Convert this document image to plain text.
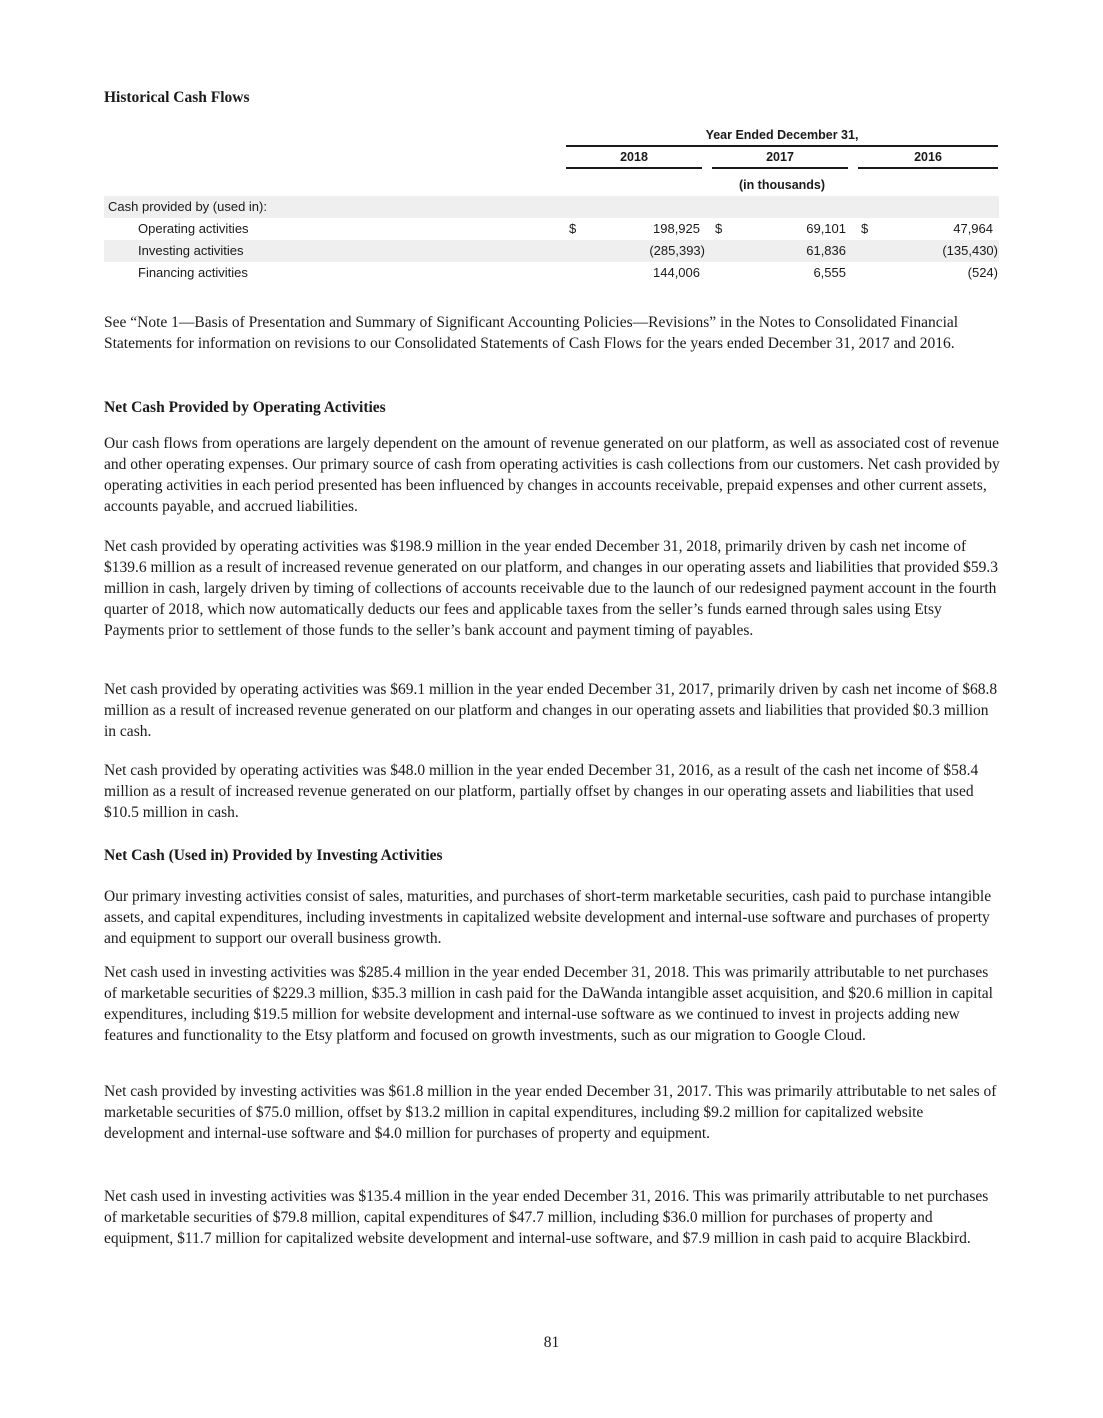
Historical Cash Flows
Year Ended December 31,
2018	2017	2016
(in thousands)
Cash provided by (used in):
Operating activities	$	198,925 $	69,101 $	47,964
Investing activities	(285,393)	61,836	(135,430)
Financing activities	144,006	6,555	(524)

See “Note 1—Basis of Presentation and Summary of Significant Accounting Policies—Revisions” in the Notes to Consolidated Financial Statements for information on revisions to our Consolidated Statements of Cash Flows for the years ended December 31, 2017 and 2016.

Net Cash Provided by Operating Activities

Our cash flows from operations are largely dependent on the amount of revenue generated on our platform, as well as associated cost of revenue and other operating expenses. Our primary source of cash from operating activities is cash collections from our customers. Net cash provided by operating activities in each period presented has been influenced by changes in accounts receivable, prepaid expenses and other current assets, accounts payable, and accrued liabilities.

Net cash provided by operating activities was $198.9 million in the year ended December 31, 2018, primarily driven by cash net income of $139.6 million as a result of increased revenue generated on our platform, and changes in our operating assets and liabilities that provided $59.3 million in cash, largely driven by timing of collections of accounts receivable due to the launch of our redesigned payment account in the fourth quarter of 2018, which now automatically deducts our fees and applicable taxes from the seller’s funds earned through sales using Etsy Payments prior to settlement of those funds to the seller’s bank account and payment timing of payables.

Net cash provided by operating activities was $69.1 million in the year ended December 31, 2017, primarily driven by cash net income of $68.8 million as a result of increased revenue generated on our platform and changes in our operating assets and liabilities that provided $0.3 million in cash.

Net cash provided by operating activities was $48.0 million in the year ended December 31, 2016, as a result of the cash net income of $58.4 million as a result of increased revenue generated on our platform, partially offset by changes in our operating assets and liabilities that used $10.5 million in cash.

Net Cash (Used in) Provided by Investing Activities

Our primary investing activities consist of sales, maturities, and purchases of short-term marketable securities, cash paid to purchase intangible assets, and capital expenditures, including investments in capitalized website development and internal-use software and purchases of property and equipment to support our overall business growth.

Net cash used in investing activities was $285.4 million in the year ended December 31, 2018. This was primarily attributable to net purchases of marketable securities of $229.3 million, $35.3 million in cash paid for the DaWanda intangible asset acquisition, and $20.6 million in capital expenditures, including $19.5 million for website development and internal-use software as we continued to invest in projects adding new features and functionality to the Etsy platform and focused on growth investments, such as our migration to Google Cloud.

Net cash provided by investing activities was $61.8 million in the year ended December 31, 2017. This was primarily attributable to net sales of marketable securities of $75.0 million, offset by $13.2 million in capital expenditures, including $9.2 million for capitalized website development and internal-use software and $4.0 million for purchases of property and equipment.

Net cash used in investing activities was $135.4 million in the year ended December 31, 2016. This was primarily attributable to net purchases of marketable securities of $79.8 million, capital expenditures of $47.7 million, including $36.0 million for purchases of property and equipment, $11.7 million for capitalized website development and internal-use software, and $7.9 million in cash paid to acquire Blackbird.

81
